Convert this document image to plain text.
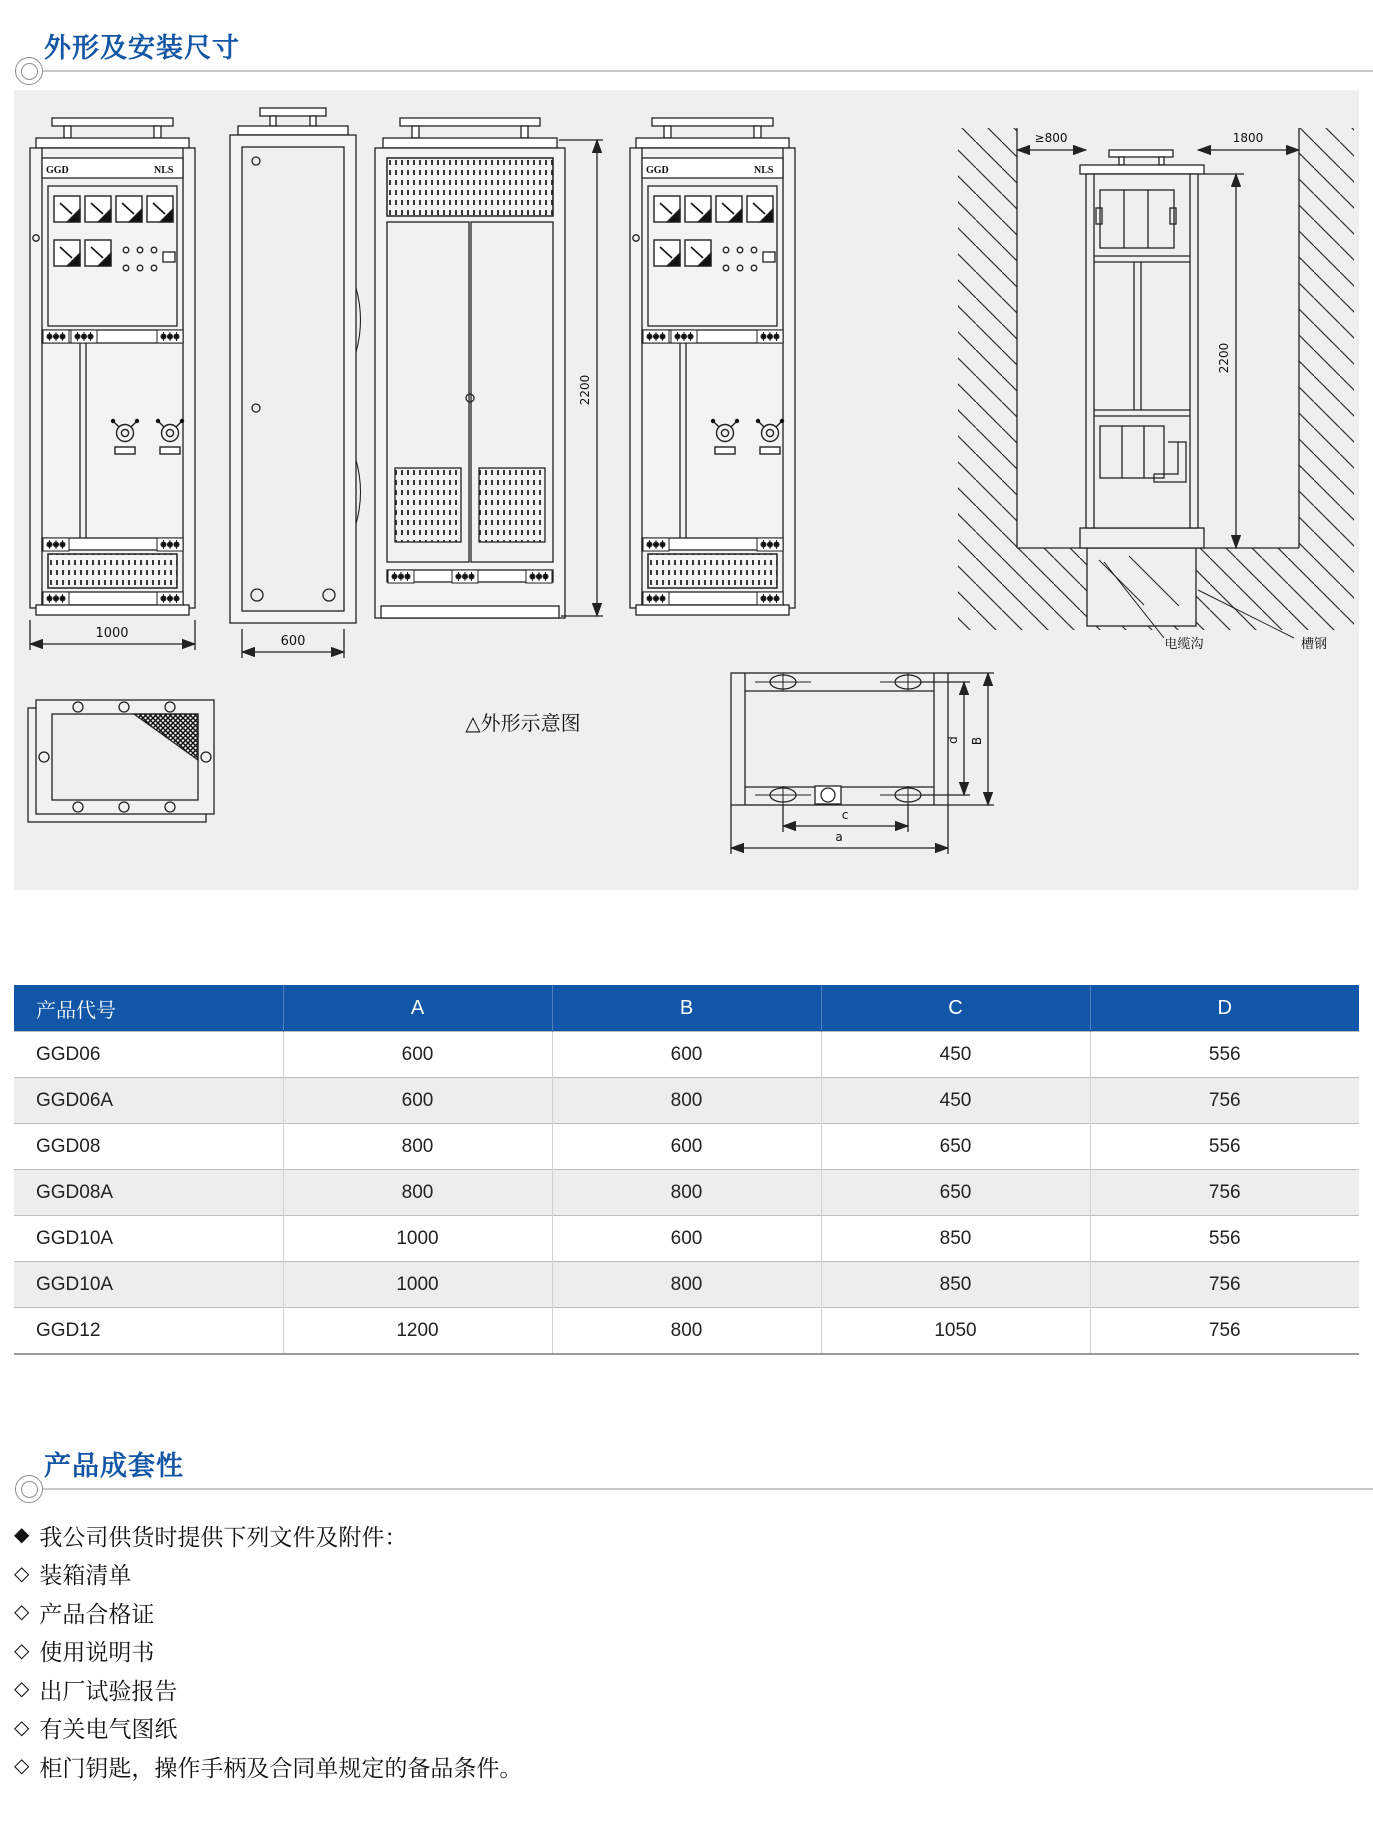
外形及安装尺寸
GGD	NLS
1000
600
2200
≥800	1800
2200
电缆沟	槽钢
△外形示意图
c
a
d B
产品代号	A	B	C	D
GGD06	600	600	450	556
GGD06A	600	800	450	756
GGD08	800	600	650	556
GGD08A	800	800	650	756
GGD10A	1000	600	850	556
GGD10A	1000	800	850	756
GGD12	1200	800	1050	756
产品成套性
◆ 我公司供货时提供下列文件及附件：
◇ 装箱清单
◇ 产品合格证
◇ 使用说明书
◇ 出厂试验报告
◇ 有关电气图纸
◇ 柜门钥匙，操作手柄及合同单规定的备品条件。
